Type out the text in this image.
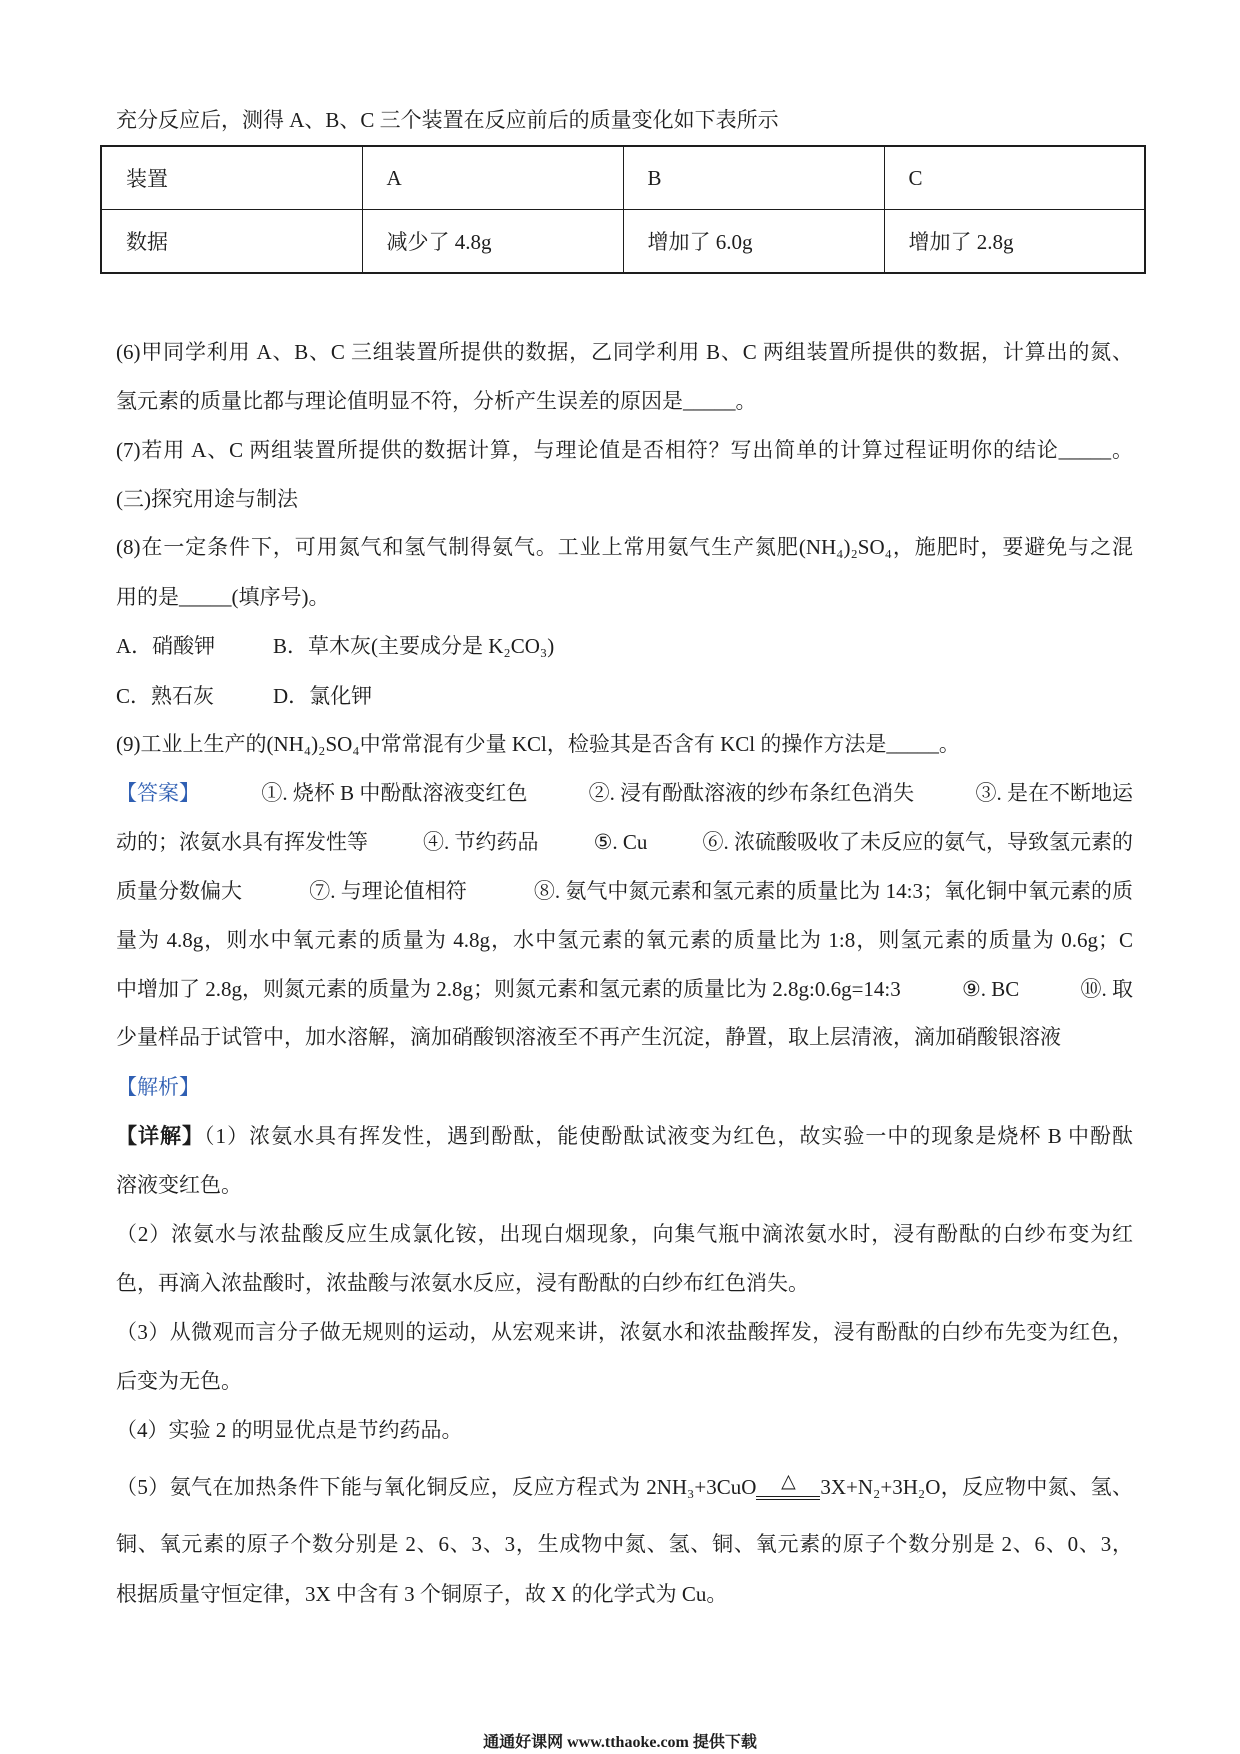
充分反应后，测得 A、B、C 三个装置在反应前后的质量变化如下表所示
装置	A	B	C
数据	减少了 4.8g	增加了 6.0g	增加了 2.8g
(6)甲同学利用 A、B、C 三组装置所提供的数据，乙同学利用 B、C 两组装置所提供的数据，计算出的氮、
氢元素的质量比都与理论值明显不符，分析产生误差的原因是_____。
(7)若用 A、C 两组装置所提供的数据计算，与理论值是否相符？写出简单的计算过程证明你的结论_____。
(三)探究用途与制法
(8)在一定条件下，可用氮气和氢气制得氨气。工业上常用氨气生产氮肥(NH₄)₂SO₄，施肥时，要避免与之混
用的是_____(填序号)。
A．硝酸钾	B．草木灰(主要成分是 K₂CO₃)
C．熟石灰	D．氯化钾
(9)工业上生产的(NH₄)₂SO₄中常常混有少量 KCl，检验其是否含有 KCl 的操作方法是_____。
【答案】	①. 烧杯 B 中酚酞溶液变红色	②. 浸有酚酞溶液的纱布条红色消失	③. 是在不断地运
动的；浓氨水具有挥发性等	④. 节约药品	⑤. Cu	⑥. 浓硫酸吸收了未反应的氨气，导致氢元素的
质量分数偏大	⑦. 与理论值相符	⑧. 氨气中氮元素和氢元素的质量比为 14:3；氧化铜中氧元素的质
量为 4.8g，则水中氧元素的质量为 4.8g，水中氢元素的氧元素的质量比为 1:8，则氢元素的质量为 0.6g；C
中增加了 2.8g，则氮元素的质量为 2.8g；则氮元素和氢元素的质量比为 2.8g:0.6g=14:3	⑨. BC	⑩. 取
少量样品于试管中，加水溶解，滴加硝酸钡溶液至不再产生沉淀，静置，取上层清液，滴加硝酸银溶液
【解析】
【详解】（1）浓氨水具有挥发性，遇到酚酞，能使酚酞试液变为红色，故实验一中的现象是烧杯 B 中酚酞
溶液变红色。
（2）浓氨水与浓盐酸反应生成氯化铵，出现白烟现象，向集气瓶中滴浓氨水时，浸有酚酞的白纱布变为红
色，再滴入浓盐酸时，浓盐酸与浓氨水反应，浸有酚酞的白纱布红色消失。
（3）从微观而言分子做无规则的运动，从宏观来讲，浓氨水和浓盐酸挥发，浸有酚酞的白纱布先变为红色，
后变为无色。
（4）实验 2 的明显优点是节约药品。
（5）氨气在加热条件下能与氧化铜反应，反应方程式为 2NH₃+3CuO △ 3X+N₂+3H₂O，反应物中氮、氢、
铜、氧元素的原子个数分别是 2、6、3、3，生成物中氮、氢、铜、氧元素的原子个数分别是 2、6、0、3，
根据质量守恒定律，3X 中含有 3 个铜原子，故 X 的化学式为 Cu。
通通好课网 www.tthaoke.com 提供下载
